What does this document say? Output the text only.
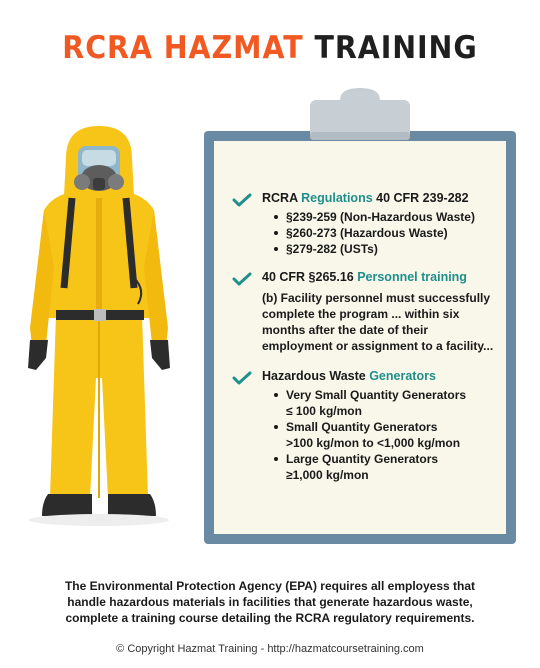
RCRA HAZMAT TRAINING
RCRA Regulations 40 CFR 239-282
§239-259 (Non-Hazardous Waste)
§260-273 (Hazardous Waste)
§279-282 (USTs)
40 CFR §265.16 Personnel training
(b) Facility personnel must successfully complete the program ... within six months after the date of their employment or assignment to a facility...
Hazardous Waste Generators
Very Small Quantity Generators
≤ 100 kg/mon
Small Quantity Generators
>100 kg/mon to <1,000 kg/mon
Large Quantity Generators
≥1,000 kg/mon
The Environmental Protection Agency (EPA) requires all employess that handle hazardous materials in facilities that generate hazardous waste, complete a training course detailing the RCRA regulatory requirements.
© Copyright Hazmat Training - http://hazmatcoursetraining.com
